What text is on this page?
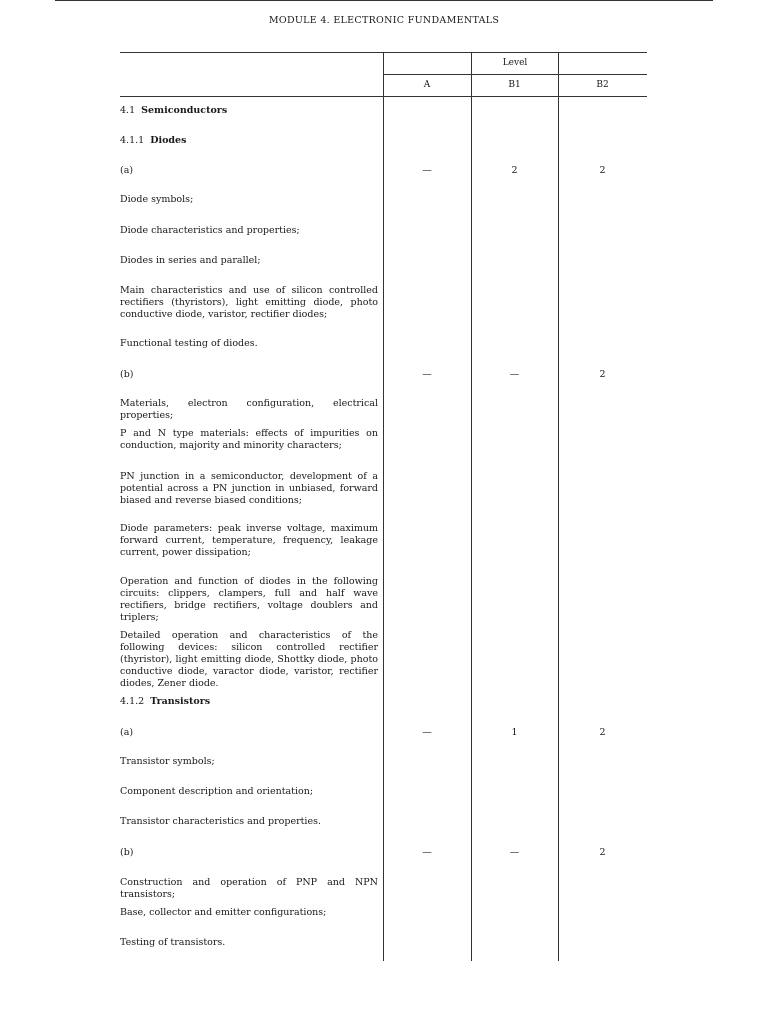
MODULE 4. ELECTRONIC FUNDAMENTALS
Level
A	B1	B2
4.1 Semiconductors
4.1.1 Diodes
(a)	—	2	2
Diode symbols;
Diode characteristics and properties;
Diodes in series and parallel;
Main characteristics and use of silicon controlled rectifiers (thyristors), light emitting diode, photo conductive diode, varistor, rectifier diodes;
Functional testing of diodes.
(b)	—	—	2
Materials, electron configuration, electrical properties;
P and N type materials: effects of impurities on conduction, majority and minority characters;
PN junction in a semiconductor, development of a potential across a PN junction in unbiased, forward biased and reverse biased conditions;
Diode parameters: peak inverse voltage, maximum forward current, temperature, frequency, leakage current, power dissipation;
Operation and function of diodes in the following circuits: clippers, clampers, full and half wave rectifiers, bridge rectifiers, voltage doublers and triplers;
Detailed operation and characteristics of the following devices: silicon controlled rectifier (thyristor), light emitting diode, Shottky diode, photo conductive diode, varactor diode, varistor, rectifier diodes, Zener diode.
4.1.2 Transistors
(a)	—	1	2
Transistor symbols;
Component description and orientation;
Transistor characteristics and properties.
(b)	—	—	2
Construction and operation of PNP and NPN transistors;
Base, collector and emitter configurations;
Testing of transistors.
